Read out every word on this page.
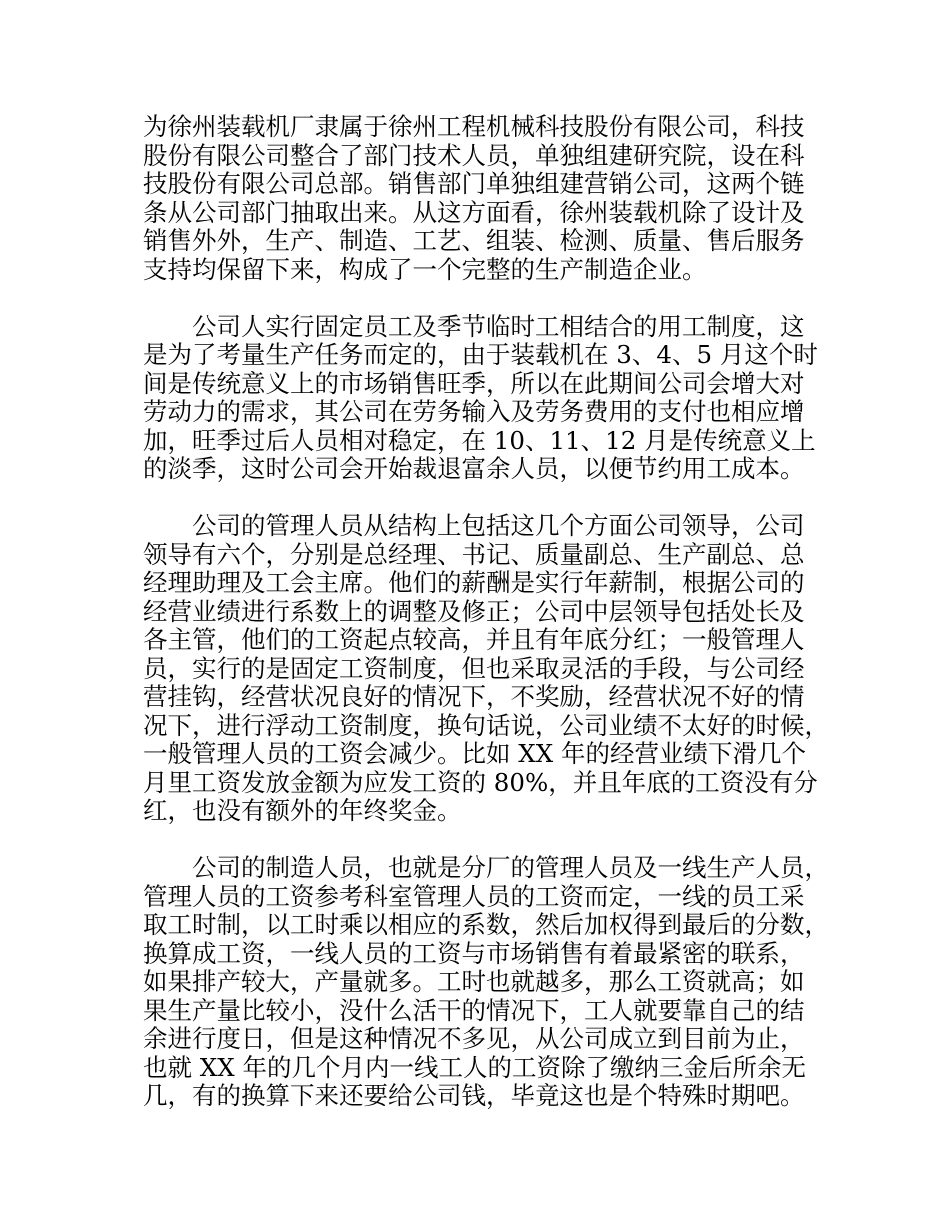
为徐州装载机厂隶属于徐州工程机械科技股份有限公司，科技
股份有限公司整合了部门技术人员，单独组建研究院，设在科
技股份有限公司总部。销售部门单独组建营销公司，这两个链
条从公司部门抽取出来。从这方面看，徐州装载机除了设计及
销售外外，生产、制造、工艺、组装、检测、质量、售后服务
支持均保留下来，构成了一个完整的生产制造企业。

　　公司人实行固定员工及季节临时工相结合的用工制度，这
是为了考量生产任务而定的，由于装载机在 3、4、5 月这个时
间是传统意义上的市场销售旺季，所以在此期间公司会增大对
劳动力的需求，其公司在劳务输入及劳务费用的支付也相应增
加，旺季过后人员相对稳定，在 10、11、12 月是传统意义上
的淡季，这时公司会开始裁退富余人员，以便节约用工成本。

　　公司的管理人员从结构上包括这几个方面公司领导，公司
领导有六个，分别是总经理、书记、质量副总、生产副总、总
经理助理及工会主席。他们的薪酬是实行年薪制，根据公司的
经营业绩进行系数上的调整及修正；公司中层领导包括处长及
各主管，他们的工资起点较高，并且有年底分红；一般管理人
员，实行的是固定工资制度，但也采取灵活的手段，与公司经
营挂钩，经营状况良好的情况下，不奖励，经营状况不好的情
况下，进行浮动工资制度，换句话说，公司业绩不太好的时候，
一般管理人员的工资会减少。比如 XX 年的经营业绩下滑几个
月里工资发放金额为应发工资的 80%，并且年底的工资没有分
红，也没有额外的年终奖金。

　　公司的制造人员，也就是分厂的管理人员及一线生产人员，
管理人员的工资参考科室管理人员的工资而定，一线的员工采
取工时制，以工时乘以相应的系数，然后加权得到最后的分数，
换算成工资，一线人员的工资与市场销售有着最紧密的联系，
如果排产较大，产量就多。工时也就越多，那么工资就高；如
果生产量比较小，没什么活干的情况下，工人就要靠自己的结
余进行度日，但是这种情况不多见，从公司成立到目前为止，
也就 XX 年的几个月内一线工人的工资除了缴纳三金后所余无
几，有的换算下来还要给公司钱，毕竟这也是个特殊时期吧。
